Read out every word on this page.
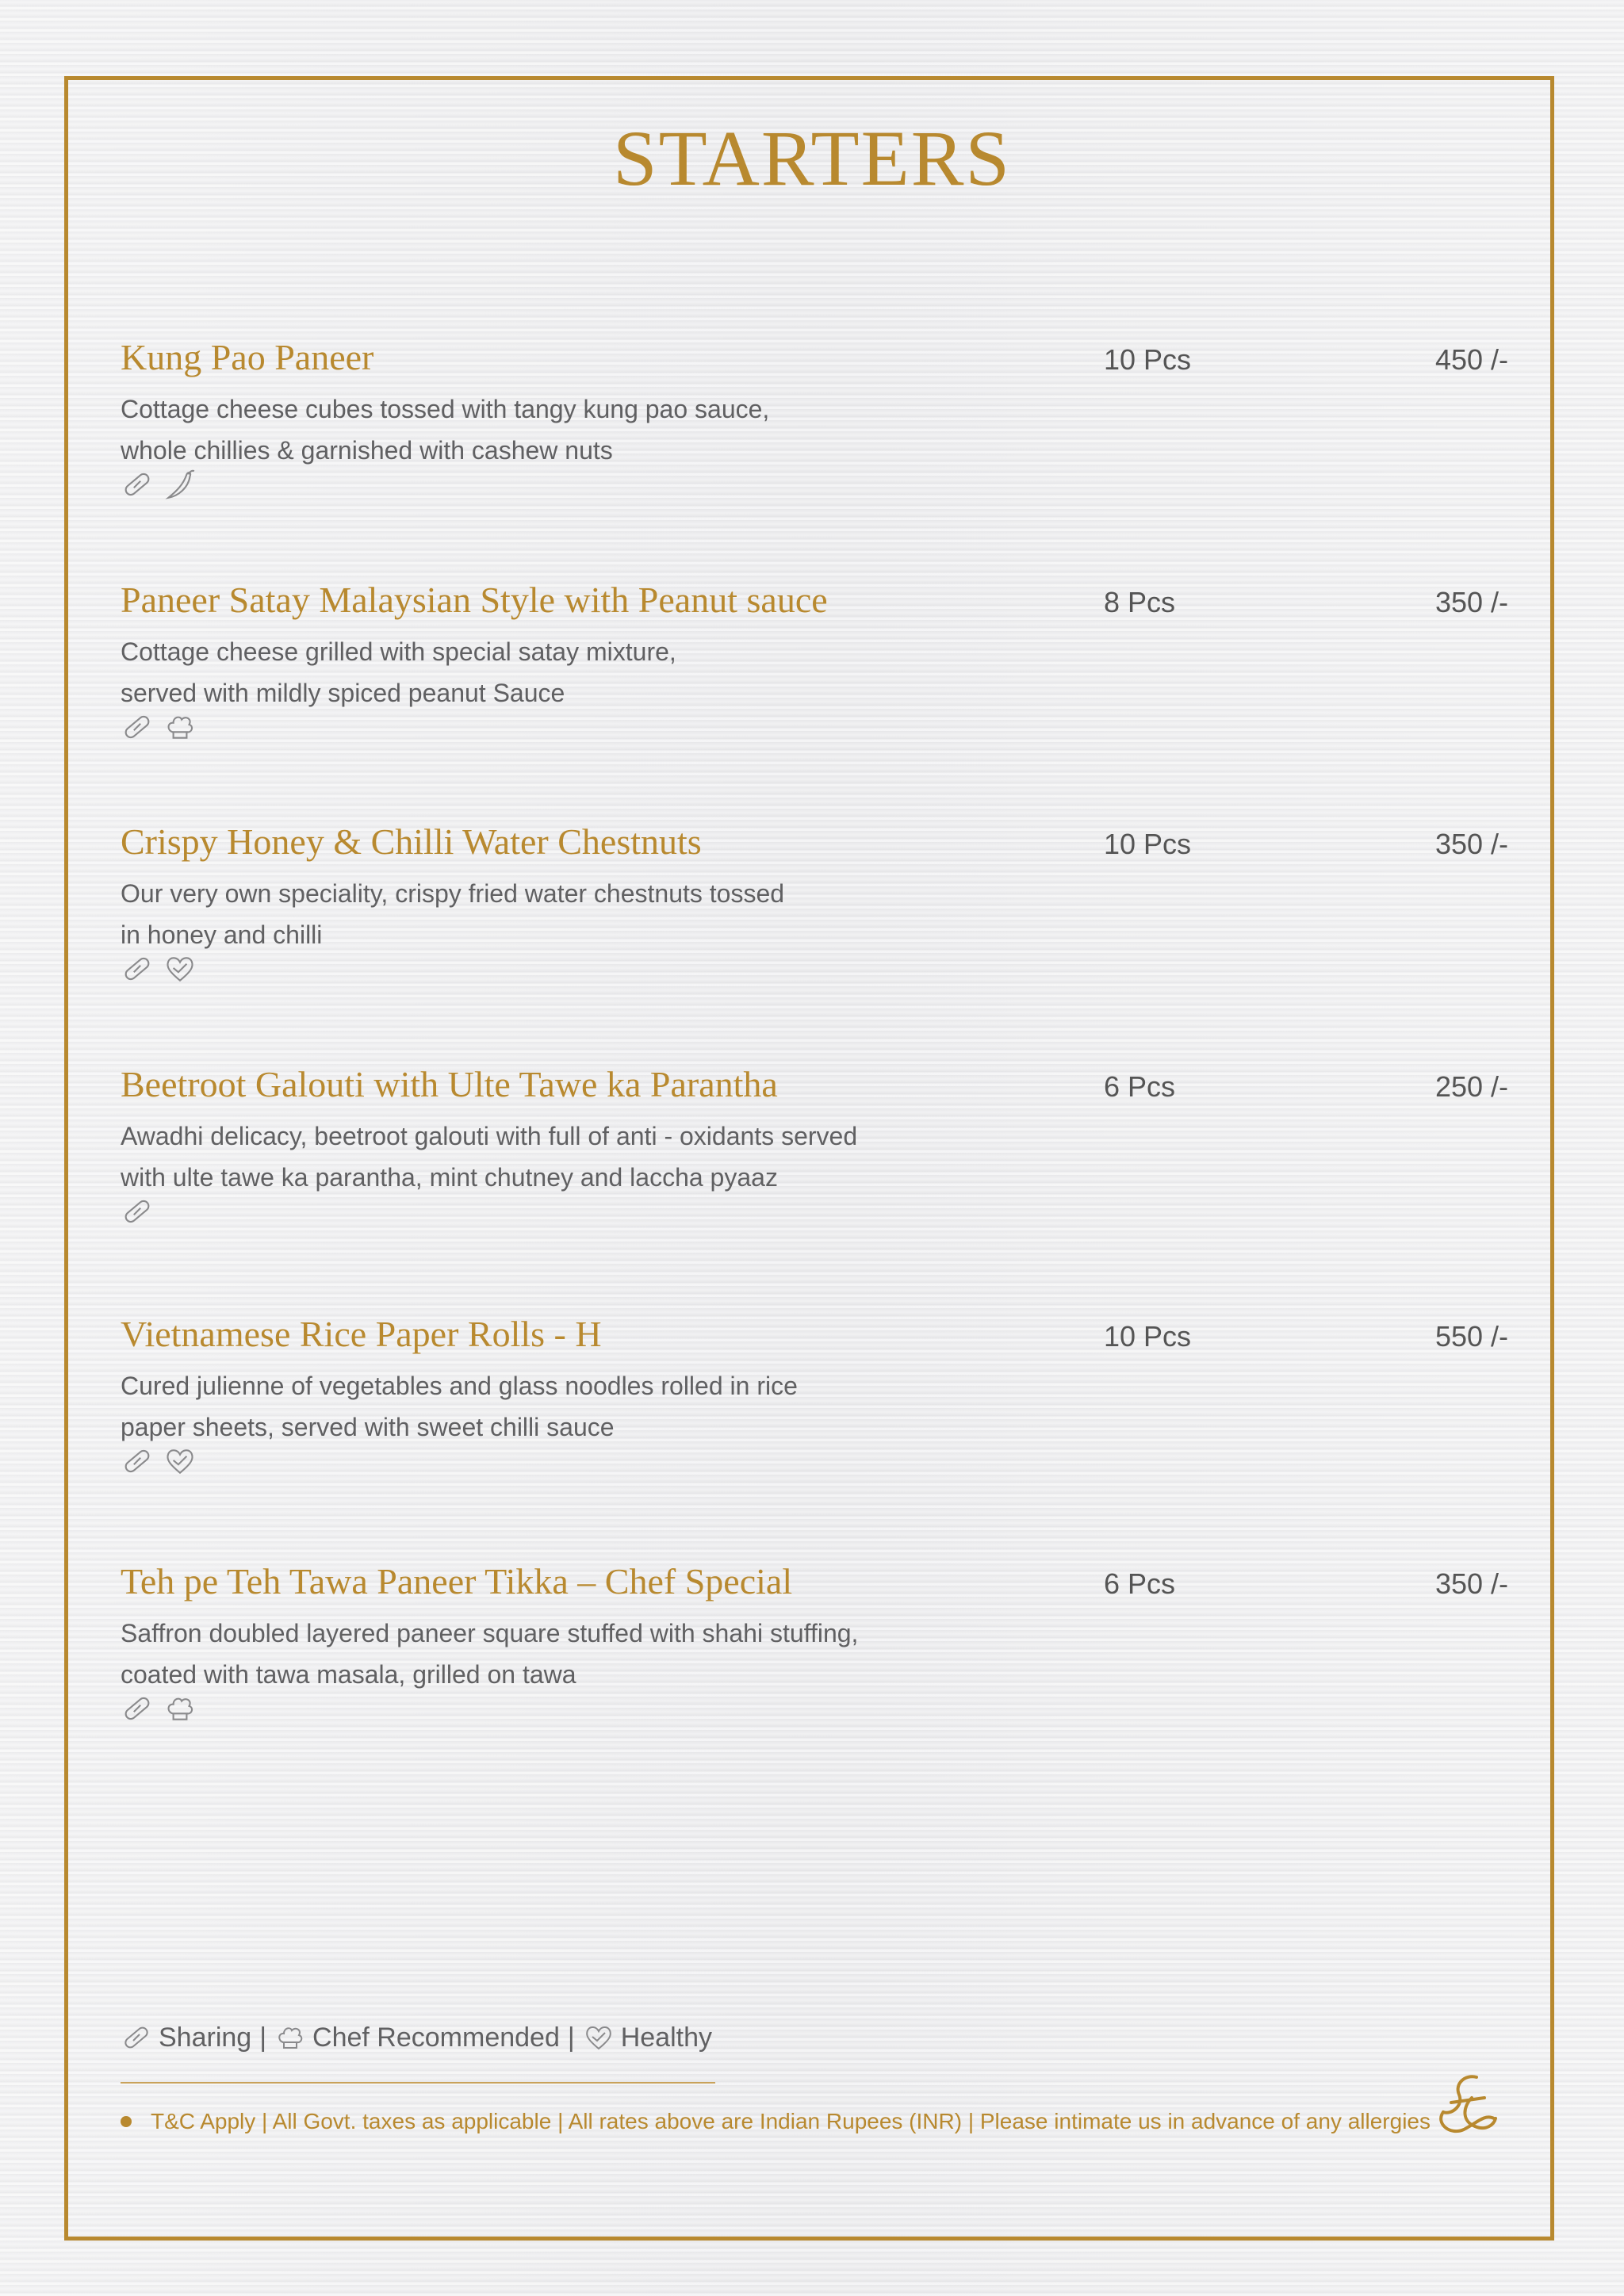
STARTERS
Kung Pao Paneer	10 Pcs	450 /-
Cottage cheese cubes tossed with tangy kung pao sauce,
whole chillies & garnished with cashew nuts
Paneer Satay Malaysian Style with Peanut sauce	8 Pcs	350 /-
Cottage cheese grilled with special satay mixture,
served with mildly spiced peanut Sauce
Crispy Honey & Chilli Water Chestnuts	10 Pcs	350 /-
Our very own speciality, crispy fried water chestnuts tossed
in honey and chilli
Beetroot Galouti with Ulte Tawe ka Parantha	6 Pcs	250 /-
Awadhi delicacy, beetroot galouti with full of anti - oxidants served
with ulte tawe ka parantha, mint chutney and laccha pyaaz
Vietnamese Rice Paper Rolls - H	10 Pcs	550 /-
Cured julienne of vegetables and glass noodles rolled in rice
paper sheets, served with sweet chilli sauce
Teh pe Teh Tawa Paneer Tikka – Chef Special	6 Pcs	350 /-
Saffron doubled layered paneer square stuffed with shahi stuffing,
coated with tawa masala, grilled on tawa
Sharing | Chef Recommended | Healthy
T&C Apply | All Govt. taxes as applicable | All rates above are Indian Rupees (INR) | Please intimate us in advance of any allergies
